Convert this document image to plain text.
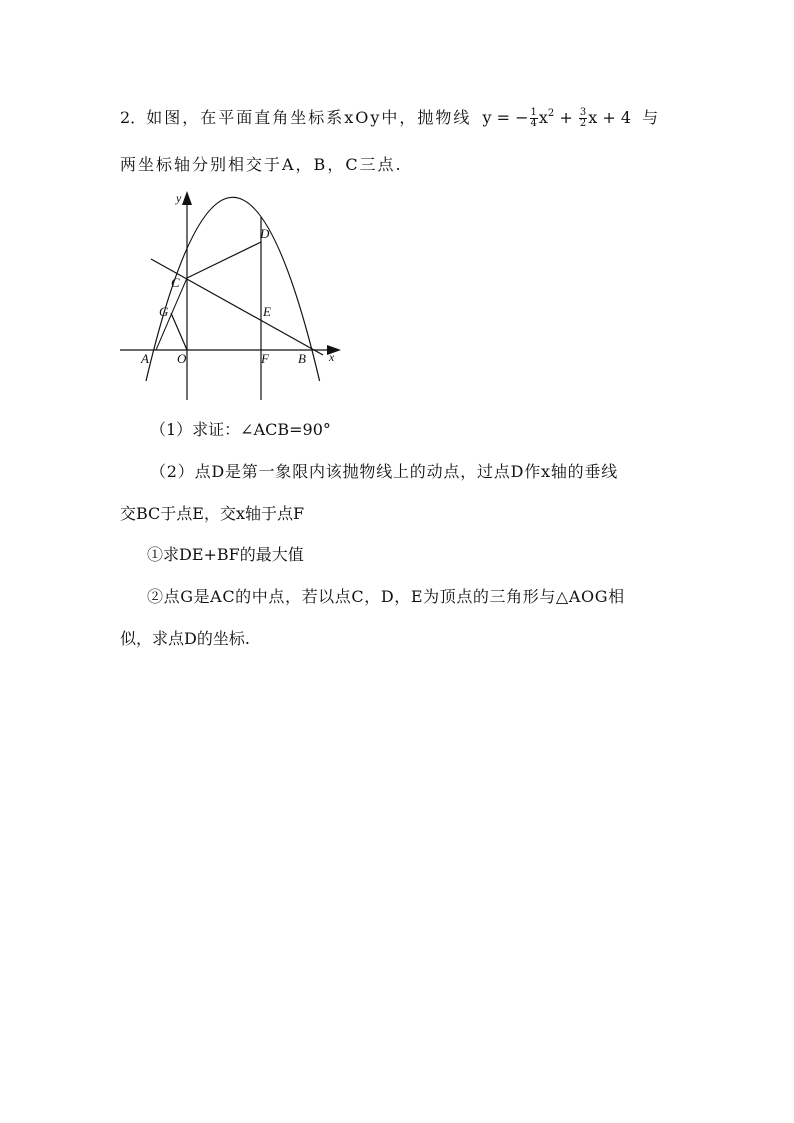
2．如图，在平面直角坐标系xOy中，抛物线 y = − $\frac{1}{4} x^2 + \frac{3}{2}$ x + 4 与
两坐标轴分别相交于A，B，C三点.
y
x
A O	B
C
D
E
F
G
（1）求证：∠ACB=90°
（2）点D是第一象限内该抛物线上的动点，过点D作x轴的垂线
交BC于点E，交x轴于点F
①求DE+BF的最大值
②点G是AC的中点，若以点C，D，E为顶点的三角形与△AOG相
似，求点D的坐标.
